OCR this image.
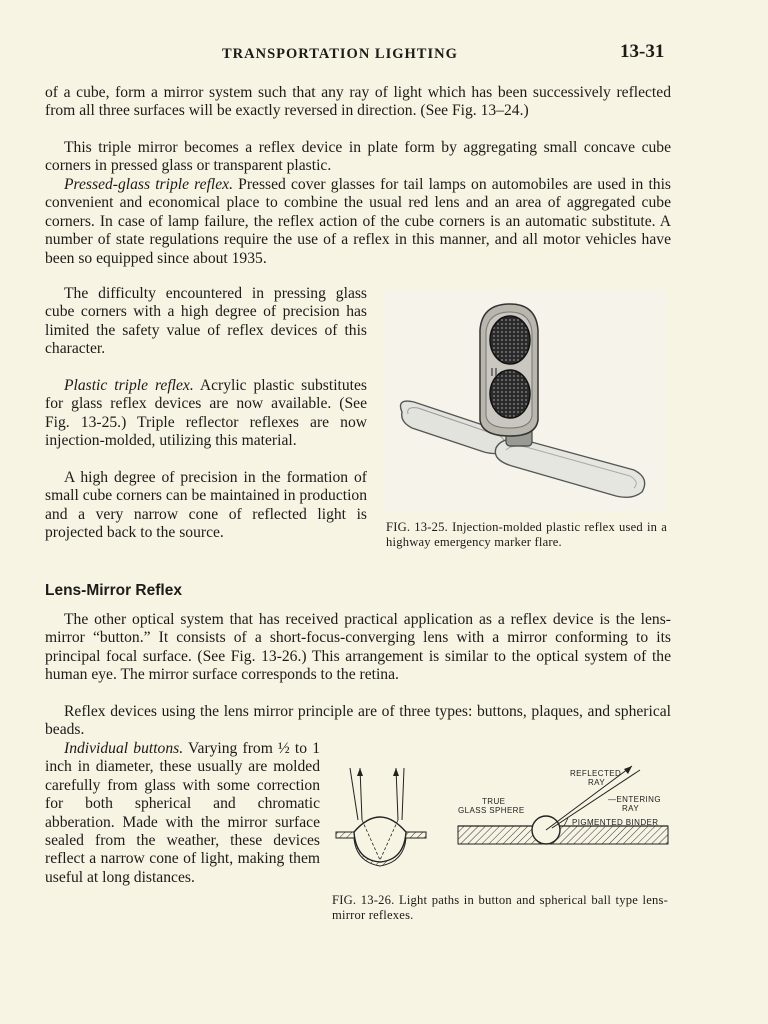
TRANSPORTATION LIGHTING	13-31

of a cube, form a mirror system such that any ray of light which has been successively reflected from all three surfaces will be exactly reversed in direction. (See Fig. 13–24.)

This triple mirror becomes a reflex device in plate form by aggregating small concave cube corners in pressed glass or transparent plastic.

Pressed-glass triple reflex. Pressed cover glasses for tail lamps on automobiles are used in this convenient and economical place to combine the usual red lens and an area of aggregated cube corners. In case of lamp failure, the reflex action of the cube corners is an automatic substitute. A number of state regulations require the use of a reflex in this manner, and all motor vehicles have been so equipped since about 1935.

The difficulty encountered in pressing glass cube corners with a high degree of precision has limited the safety value of reflex devices of this character.

Plastic triple reflex. Acrylic plastic substitutes for glass reflex devices are now available. (See Fig. 13-25.) Triple reflector reflexes are now injection-molded, utilizing this material.

A high degree of precision in the formation of small cube corners can be maintained in production and a very narrow cone of reflected light is projected back to the source.	FIG. 13-25. Injection-molded plastic reflex used in a highway emergency marker flare.
Lens-Mirror Reflex

The other optical system that has received practical application as a reflex device is the lens-mirror “button.” It consists of a short-focus-converging lens with a mirror conforming to its principal focal surface. (See Fig. 13-26.) This arrangement is similar to the optical system of the human eye. The mirror surface corresponds to the retina.

Reflex devices using the lens mirror principle are of three types: buttons, plaques, and spherical beads.

Individual buttons. Varying from ½ to 1 inch in diameter, these usually are molded carefully from glass with some correction for both spherical and chromatic abberation. Made with the mirror surface sealed from the weather, these devices reflect a narrow cone of light, making them useful at long distances.

REFLECTED
RAY
TRUE
GLASS SPHERE
—ENTERING
RAY
PIGMENTED BINDER
FIG. 13-26. Light paths in button and spherical ball type lens-mirror reflexes.
